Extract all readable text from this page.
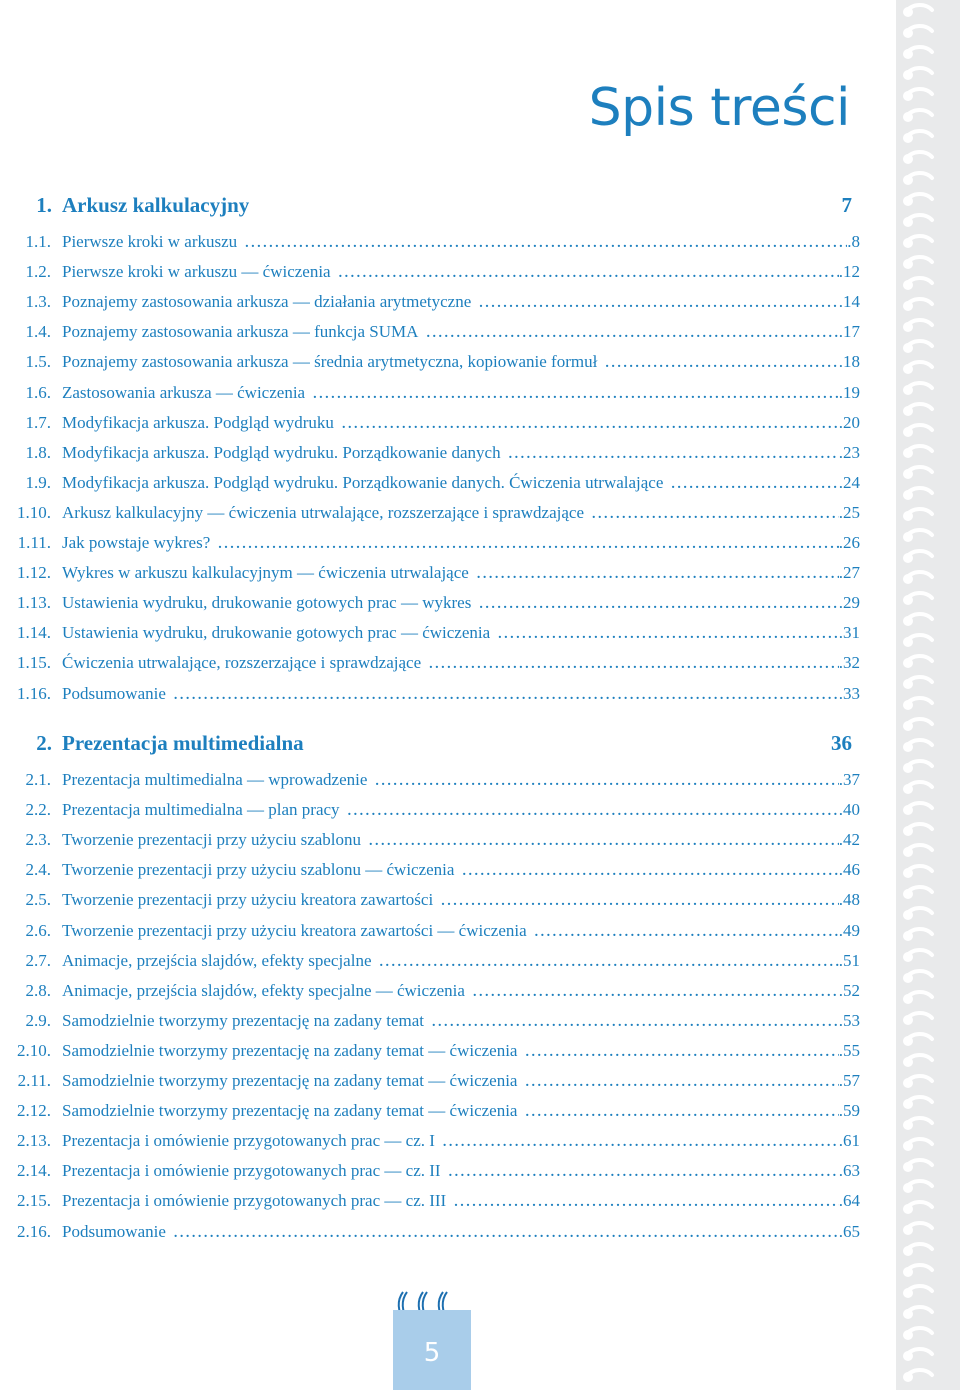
Spis treści
1. Arkusz kalkulacyjny	7
1.1. Pierwsze kroki w arkuszu . . .	.8
1.2. Pierwsze kroki w arkuszu — ćwiczenia . . .	.12
1.3. Poznajemy zastosowania arkusza — działania arytmetyczne . . .	.14
1.4. Poznajemy zastosowania arkusza — funkcja SUMA . . .	.17
1.5. Poznajemy zastosowania arkusza — średnia arytmetyczna, kopiowanie formuł . . .	.18
1.6. Zastosowania arkusza — ćwiczenia . . .	.19
1.7. Modyfikacja arkusza. Podgląd wydruku . . .	.20
1.8. Modyfikacja arkusza. Podgląd wydruku. Porządkowanie danych . . .	.23
1.9. Modyfikacja arkusza. Podgląd wydruku. Porządkowanie danych. Ćwiczenia utrwalające . . .	.24
1.10. Arkusz kalkulacyjny — ćwiczenia utrwalające, rozszerzające i sprawdzające . . .	.25
1.11. Jak powstaje wykres? . . .	.26
1.12. Wykres w arkuszu kalkulacyjnym — ćwiczenia utrwalające . . .	.27
1.13. Ustawienia wydruku, drukowanie gotowych prac — wykres . . .	.29
1.14. Ustawienia wydruku, drukowanie gotowych prac — ćwiczenia . . .	.31
1.15. Ćwiczenia utrwalające, rozszerzające i sprawdzające . . .	.32
1.16. Podsumowanie . . .	.33
2. Prezentacja multimedialna	36
2.1. Prezentacja multimedialna — wprowadzenie . . .	.37
2.2. Prezentacja multimedialna — plan pracy . . .	.40
2.3. Tworzenie prezentacji przy użyciu szablonu . . .	.42
2.4. Tworzenie prezentacji przy użyciu szablonu — ćwiczenia . . .	.46
2.5. Tworzenie prezentacji przy użyciu kreatora zawartości . . .	.48
2.6. Tworzenie prezentacji przy użyciu kreatora zawartości — ćwiczenia . . .	.49
2.7. Animacje, przejścia slajdów, efekty specjalne . . .	.51
2.8. Animacje, przejścia slajdów, efekty specjalne — ćwiczenia . . .	.52
2.9. Samodzielnie tworzymy prezentację na zadany temat . . .	.53
2.10. Samodzielnie tworzymy prezentację na zadany temat — ćwiczenia . . .	.55
2.11. Samodzielnie tworzymy prezentację na zadany temat — ćwiczenia . . .	.57
2.12. Samodzielnie tworzymy prezentację na zadany temat — ćwiczenia . . .	.59
2.13. Prezentacja i omówienie przygotowanych prac — cz. I . . .	.61
2.14. Prezentacja i omówienie przygotowanych prac — cz. II . . .	.63
2.15. Prezentacja i omówienie przygotowanych prac — cz. III . . .	.64
2.16. Podsumowanie . . .	.65
5
